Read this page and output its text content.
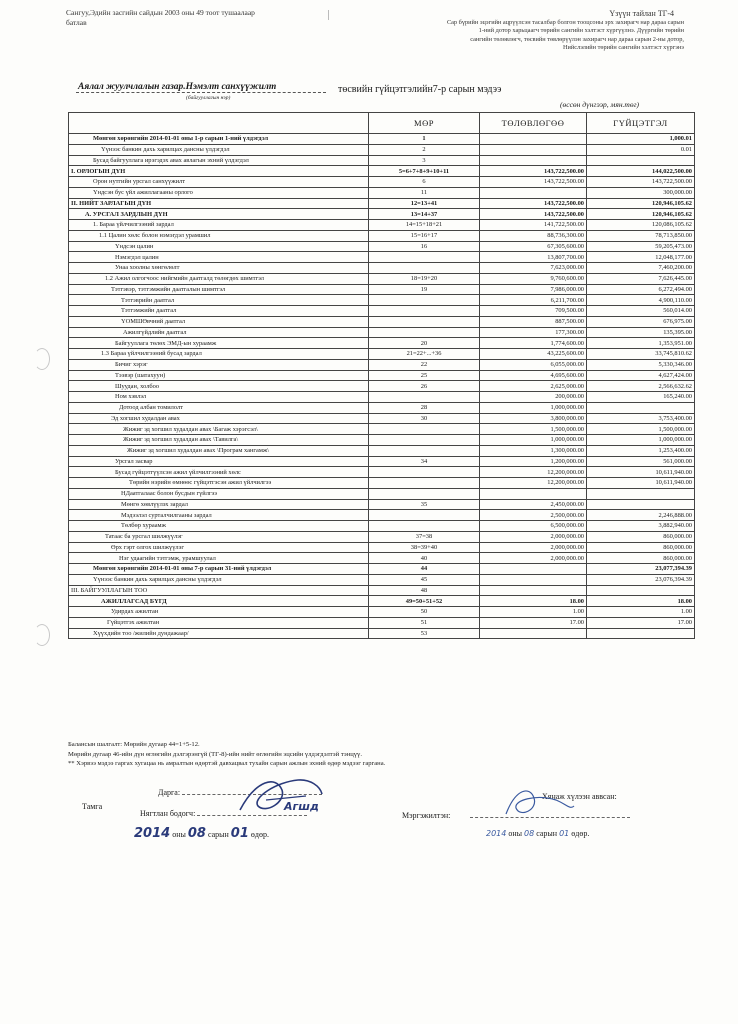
Сангуу,Эдийн засгийн сайдын 2003 оны 49 тоот тушаалаар
батлав
Үзүүн тайлан ТГ-4
Сар бүрийн эцэгийн ацрүүлсэн тасалбар болгон тооцсоны эрх захирагч нар дараа сарын
1-ний дотор харьцаагч төрийн сангийн хэлтэст хүргүүлнэ. Дүүргийн төрийн
сангийн төлөвлөгч, төсвийн төвлөрүүлэн захирагч нар дараа сарын 2-ны дотор,
Нийслэлийн төрийн сангийн хэлтэст хүргэнэ
Аялал жуулчлалын газар.Нэмэлт санхүүжилт
(байгууллагын нэр)
төсвийн гүйцэтгэлийн7-р сарын мэдээ
(өссөн дүнгээр, мян.төг)
	МӨР	ТӨЛӨВЛӨГӨӨ	ГҮЙЦЭТГЭЛ
Мөнгөн хөрөнгийн 2014-01-01 оны 1-р сарын 1-ний үлдэгдэл	1		1,000.01
Үүнээс банкин дахь харилцах дансны үлдэгдэл	2		0.01
Бусад байгууллага ирэгэдэх авах авлагын эхний үлдэгдэл	3		
I. ОРЛОГЫН ДҮН	5=6+7+8+9+10+11	143,722,500.00	144,022,500.00
Орон нутгийн урсгал санхүүжилт	6	143,722,500.00	143,722,500.00
Үндсэн бус үйл ажиллагааны орлого	11		300,000.00
II. НИЙТ ЗАРЛАГЫН ДҮН	12=13+41	143,722,500.00	120,946,105.62
А. УРСГАЛ ЗАРДЛЫН ДҮН	13=14+37	143,722,500.00	120,946,105.62
1. Бараа үйлчилгээний зардал	14=15+18+21	141,722,500.00	120,086,105.62
1.1 Цалин хөлс болон нэмэгдэл урамшил	15=16+17	88,736,300.00	78,713,850.00
Үндсэн цалин	16	67,305,600.00	59,205,473.00
Нэмэгдэл цалин		13,807,700.00	12,048,177.00
Унаа хоолны хөнгөлөлт		7,623,000.00	7,460,200.00
1.2 Ажил олгогчоос нийгмийн даатгалд төлөгдөх шимтгэл	18=19+20	9,760,600.00	7,626,445.00
Тэтгэвэр, тэтгэмжийн даатгалын шимтгэл	19	7,986,000.00	6,272,494.00
Тэтгэврийн даатгал		6,211,700.00	4,900,110.00
Тэтгэмжийн даатгал		709,500.00	560,014.00
ҮОМШӨвчний даатгал		887,500.00	676,975.00
Ажилгүйдлийн даатгал		177,300.00	135,395.00
Байгууллага төлөх ЭМД-ын хураамж	20	1,774,600.00	1,353,951.00
1.3 Бараа үйлчилгээний бусад зардал	21=22+...+36	43,225,600.00	33,745,810.62
Бичиг хэрэг	22	6,055,000.00	5,330,346.00
Тээвэр (шатахуун)	25	4,695,600.00	4,627,424.00
Шуудан, холбоо	26	2,625,000.00	2,566,632.62
Ном хэвлэл		200,000.00	165,240.00
Дотоод албан томилолт	28	1,000,000.00	
Эд хогшил худалдан авах	30	3,800,000.00	3,753,400.00
Жижиг эд хогшил худалдан авах \Багаж хэрэгсэл\		1,500,000.00	1,500,000.00
Жижиг эд хогшил худалдан авах \Тавилга\		1,000,000.00	1,000,000.00
Жижиг эд хогшил худалдан авах \Програм хангамж\		1,300,000.00	1,253,400.00
Урсгал засвар	34	1,200,000.00	561,000.00
Бусад гүйцэтгүүлсэн ажил үйлчилгээний хөлс		12,200,000.00	10,611,940.00
Төрийн нэрийн өмнөөс гүйцэтгэсэн ажил үйлчилгээ		12,200,000.00	10,611,940.00
НДаатгалаас болон бусдын гүйлгээ			
Мөнгө хөвлүүлэх зардал	35	2,450,000.00	
Мэдээлэл сурталчилгааны зардал		2,500,000.00	2,246,888.00
Төлбөр хураамж		6,500,000.00	3,882,940.00
Татаас ба урсгал шилжүүлэг	37=38	2,000,000.00	860,000.00
Өрх гэрт олгох шилжүүлэг	38=39+40	2,000,000.00	860,000.00
Нэг удаагийн тэтгэмж, урамшуулал	40	2,000,000.00	860,000.00
Мөнгөн хөрөнгийн 2014-01-01 оны 7-р сарын 31-ний үлдэгдэл	44		23,077,394.39
Үүнээс банкин дахь харилцах дансны үлдэгдэл	45		23,076,394.39
III. БАЙГУУЛЛАГЫН ТОО	48		
АЖИЛЛАГСАД БҮГД	49=50+51+52	18.00	18.00
Удирдах ажилтан	50	1.00	1.00
Гүйцэтгэх ажилтан	51	17.00	17.00
Хүүхдийн тоо /жилийн дундажаар/	53		
Балансын шалгалт: Мөрийн дугаар 44=1+5-12.
Мөрийн дугаар 46-ийн дүн өглөгийн дэлгэрэнгүй (ТГ-8)-ийн нийт өглөгийн эцсийн үлдэгдэлтэй тэнцүү.
** Хэрвээ мэдээ гаргах хугацаа нь амралтын өдөртэй давхацвал тухайн сарын ажлын эхний өдөр мэдээг гаргана.
Тамга
Дарга:
Нягтлан бодогч:
Агшд
2014 оны 08 сарын 01 өдөр.
Хянаж хүлээн аввсан:
Мэргэжилтэн:
2014 оны 08 сарын 01 өдөр.
